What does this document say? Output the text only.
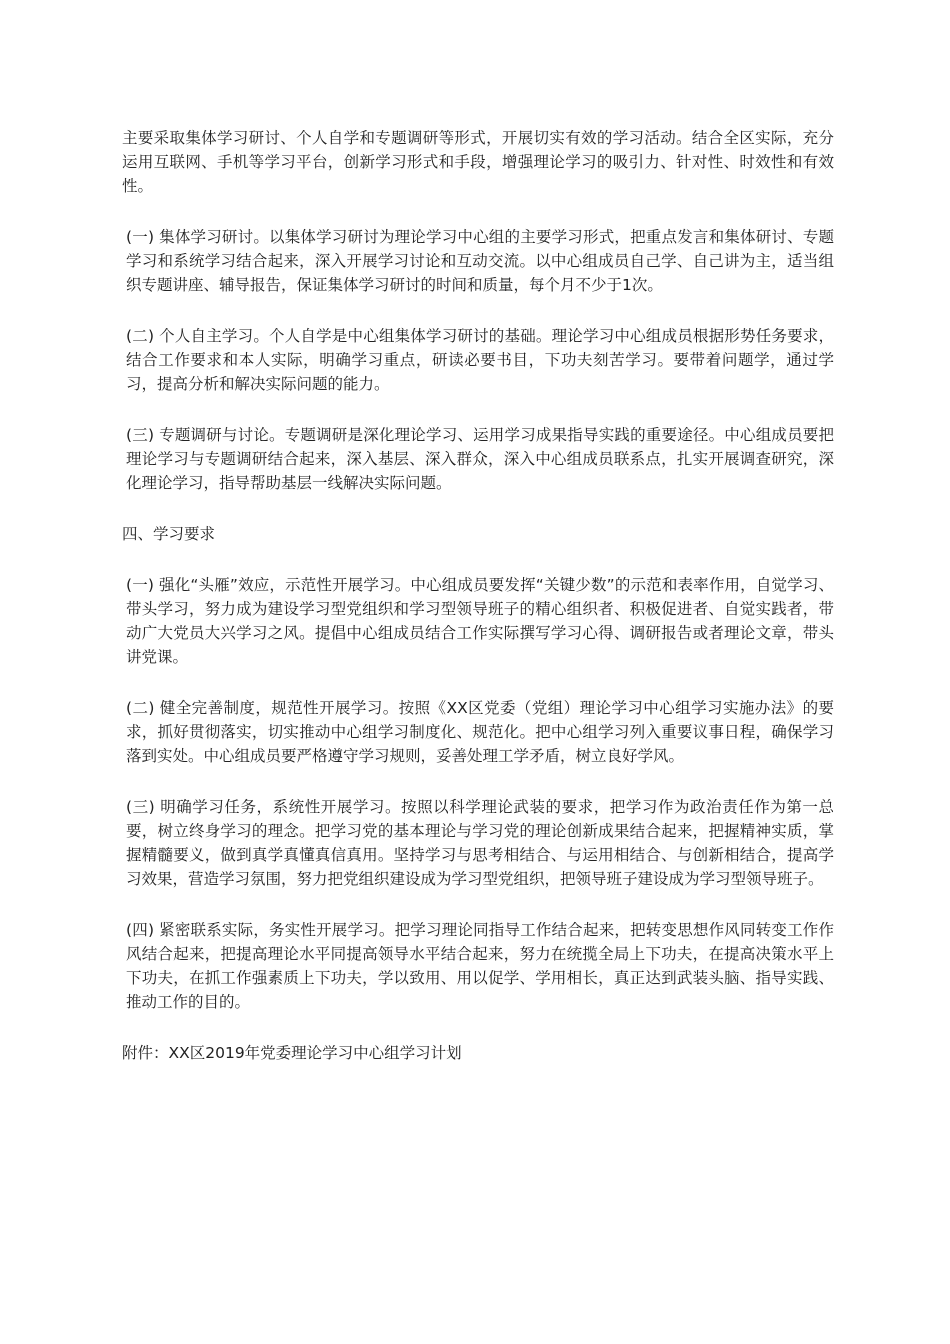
主要采取集体学习研讨、个人自学和专题调研等形式，开展切实有效的学习活动。结合全区实际，充分运用互联网、手机等学习平台，创新学习形式和手段，增强理论学习的吸引力、针对性、时效性和有效性。

(一) 集体学习研讨。以集体学习研讨为理论学习中心组的主要学习形式，把重点发言和集体研讨、专题学习和系统学习结合起来，深入开展学习讨论和互动交流。以中心组成员自己学、自己讲为主，适当组织专题讲座、辅导报告，保证集体学习研讨的时间和质量，每个月不少于1次。

(二) 个人自主学习。个人自学是中心组集体学习研讨的基础。理论学习中心组成员根据形势任务要求，结合工作要求和本人实际，明确学习重点，研读必要书目，下功夫刻苦学习。要带着问题学，通过学习，提高分析和解决实际问题的能力。

(三) 专题调研与讨论。专题调研是深化理论学习、运用学习成果指导实践的重要途径。中心组成员要把理论学习与专题调研结合起来，深入基层、深入群众，深入中心组成员联系点，扎实开展调查研究，深化理论学习，指导帮助基层一线解决实际问题。

四、学习要求

(一) 强化“头雁”效应，示范性开展学习。中心组成员要发挥“关键少数”的示范和表率作用，自觉学习、带头学习，努力成为建设学习型党组织和学习型领导班子的精心组织者、积极促进者、自觉实践者，带动广大党员大兴学习之风。提倡中心组成员结合工作实际撰写学习心得、调研报告或者理论文章，带头讲党课。

(二) 健全完善制度，规范性开展学习。按照《XX区党委（党组）理论学习中心组学习实施办法》的要求，抓好贯彻落实，切实推动中心组学习制度化、规范化。把中心组学习列入重要议事日程，确保学习落到实处。中心组成员要严格遵守学习规则，妥善处理工学矛盾，树立良好学风。

(三) 明确学习任务，系统性开展学习。按照以科学理论武装的要求，把学习作为政治责任作为第一总要，树立终身学习的理念。把学习党的基本理论与学习党的理论创新成果结合起来，把握精神实质，掌握精髓要义，做到真学真懂真信真用。坚持学习与思考相结合、与运用相结合、与创新相结合，提高学习效果，营造学习氛围，努力把党组织建设成为学习型党组织，把领导班子建设成为学习型领导班子。

(四) 紧密联系实际，务实性开展学习。把学习理论同指导工作结合起来，把转变思想作风同转变工作作风结合起来，把提高理论水平同提高领导水平结合起来，努力在统揽全局上下功夫，在提高决策水平上下功夫，在抓工作强素质上下功夫，学以致用、用以促学、学用相长，真正达到武装头脑、指导实践、推动工作的目的。

附件：XX区2019年党委理论学习中心组学习计划
